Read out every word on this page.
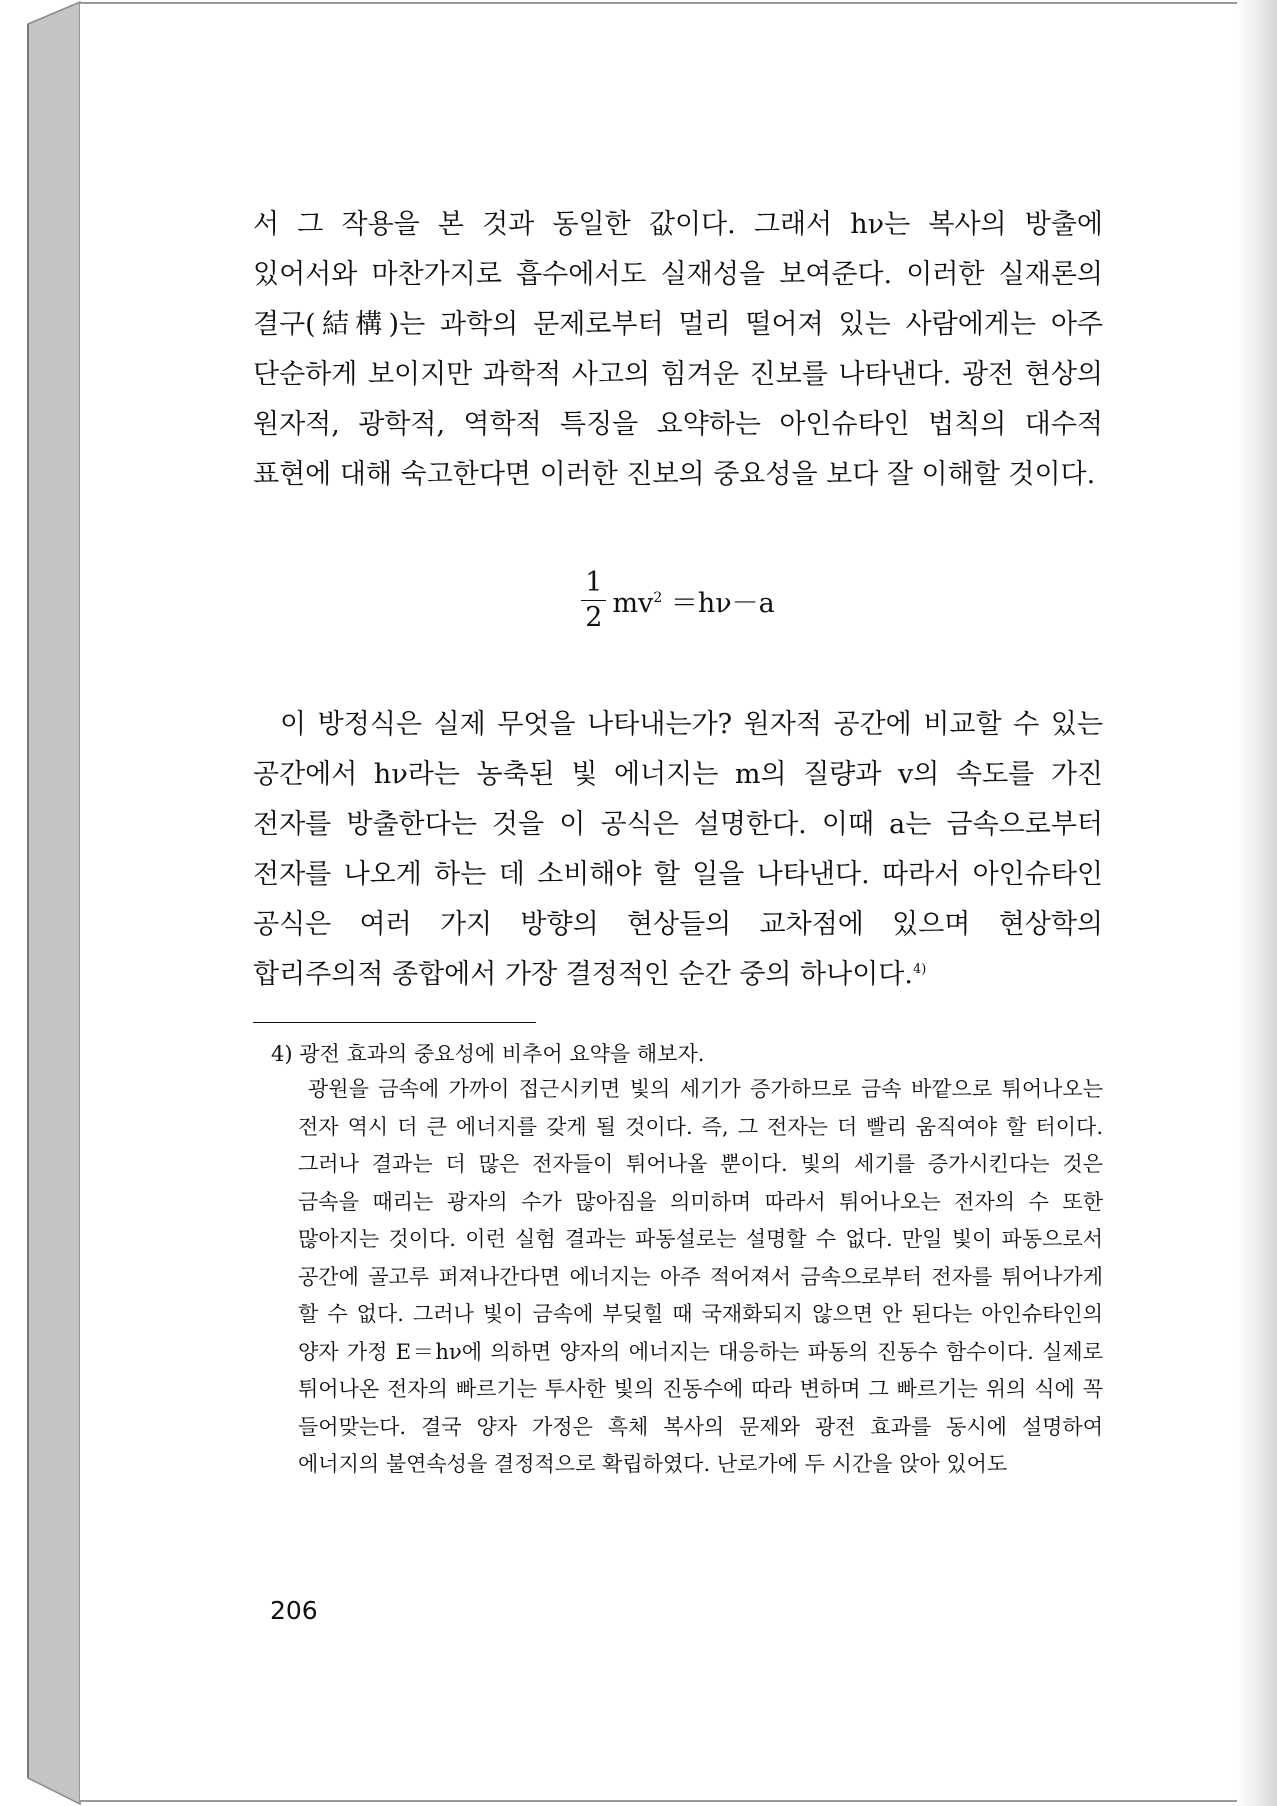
서 그 작용을 본 것과 동일한 값이다. 그래서 hν는 복사의 방출에 있어서와 마찬가지로 흡수에서도 실재성을 보여준다. 이러한 실재론의 결구(結構)는 과학의 문제로부터 멀리 떨어져 있는 사람에게는 아주 단순하게 보이지만 과학적 사고의 힘겨운 진보를 나타낸다. 광전 현상의 원자적, 광학적, 역학적 특징을 요약하는 아인슈타인 법칙의 대수적 표현에 대해 숙고한다면 이러한 진보의 중요성을 보다 잘 이해할 것이다.

$\frac{1}{2} mv^2 =h\nu-a$

이 방정식은 실제 무엇을 나타내는가? 원자적 공간에 비교할 수 있는 공간에서 hν라는 농축된 빛 에너지는 m의 질량과 v의 속도를 가진 전자를 방출한다는 것을 이 공식은 설명한다. 이때 a는 금속으로부터 전자를 나오게 하는 데 소비해야 할 일을 나타낸다. 따라서 아인슈타인 공식은 여러 가지 방향의 현상들의 교차점에 있으며 현상학의 합리주의적 종합에서 가장 결정적인 순간 중의 하나이다.$^{4)}$

4) 광전 효과의 중요성에 비추어 요약을 해보자.

광원을 금속에 가까이 접근시키면 빛의 세기가 증가하므로 금속 바깥으로 튀어나오는 전자 역시 더 큰 에너지를 갖게 될 것이다. 즉, 그 전자는 더 빨리 움직여야 할 터이다. 그러나 결과는 더 많은 전자들이 튀어나올 뿐이다. 빛의 세기를 증가시킨다는 것은 금속을 때리는 광자의 수가 많아짐을 의미하며 따라서 튀어나오는 전자의 수 또한 많아지는 것이다. 이런 실험 결과는 파동설로는 설명할 수 없다. 만일 빛이 파동으로서 공간에 골고루 퍼져나간다면 에너지는 아주 적어져서 금속으로부터 전자를 튀어나가게 할 수 없다. 그러나 빛이 금속에 부딪힐 때 국재화되지 않으면 안 된다는 아인슈타인의 양자 가정 E＝hν에 의하면 양자의 에너지는 대응하는 파동의 진동수 함수이다. 실제로 튀어나온 전자의 빠르기는 투사한 빛의 진동수에 따라 변하며 그 빠르기는 위의 식에 꼭 들어맞는다. 결국 양자 가정은 흑체 복사의 문제와 광전 효과를 동시에 설명하여 에너지의 불연속성을 결정적으로 확립하였다. 난로가에 두 시간을 앉아 있어도

206
